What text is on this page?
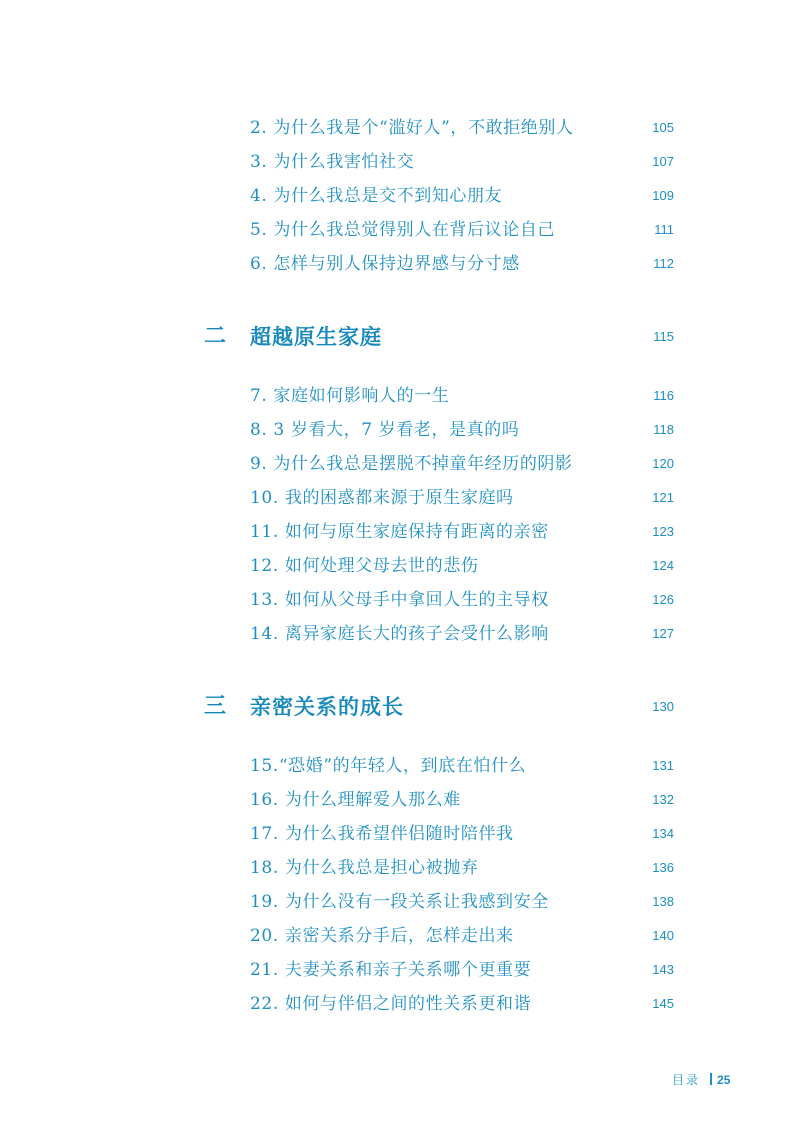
2. 为什么我是个“滥好人”，不敢拒绝别人	105
3. 为什么我害怕社交	107
4. 为什么我总是交不到知心朋友	109
5. 为什么我总觉得别人在背后议论自己	111
6. 怎样与别人保持边界感与分寸感	112
二 超越原生家庭	115
7. 家庭如何影响人的一生	116
8. 3 岁看大，7 岁看老，是真的吗	118
9. 为什么我总是摆脱不掉童年经历的阴影	120
10. 我的困惑都来源于原生家庭吗	121
11. 如何与原生家庭保持有距离的亲密	123
12. 如何处理父母去世的悲伤	124
13. 如何从父母手中拿回人生的主导权	126
14. 离异家庭长大的孩子会受什么影响	127
三 亲密关系的成长	130
15.“恐婚”的年轻人，到底在怕什么	131
16. 为什么理解爱人那么难	132
17. 为什么我希望伴侣随时陪伴我	134
18. 为什么我总是担心被抛弃	136
19. 为什么没有一段关系让我感到安全	138
20. 亲密关系分手后，怎样走出来	140
21. 夫妻关系和亲子关系哪个更重要	143
22. 如何与伴侣之间的性关系更和谐	145
目录 25
